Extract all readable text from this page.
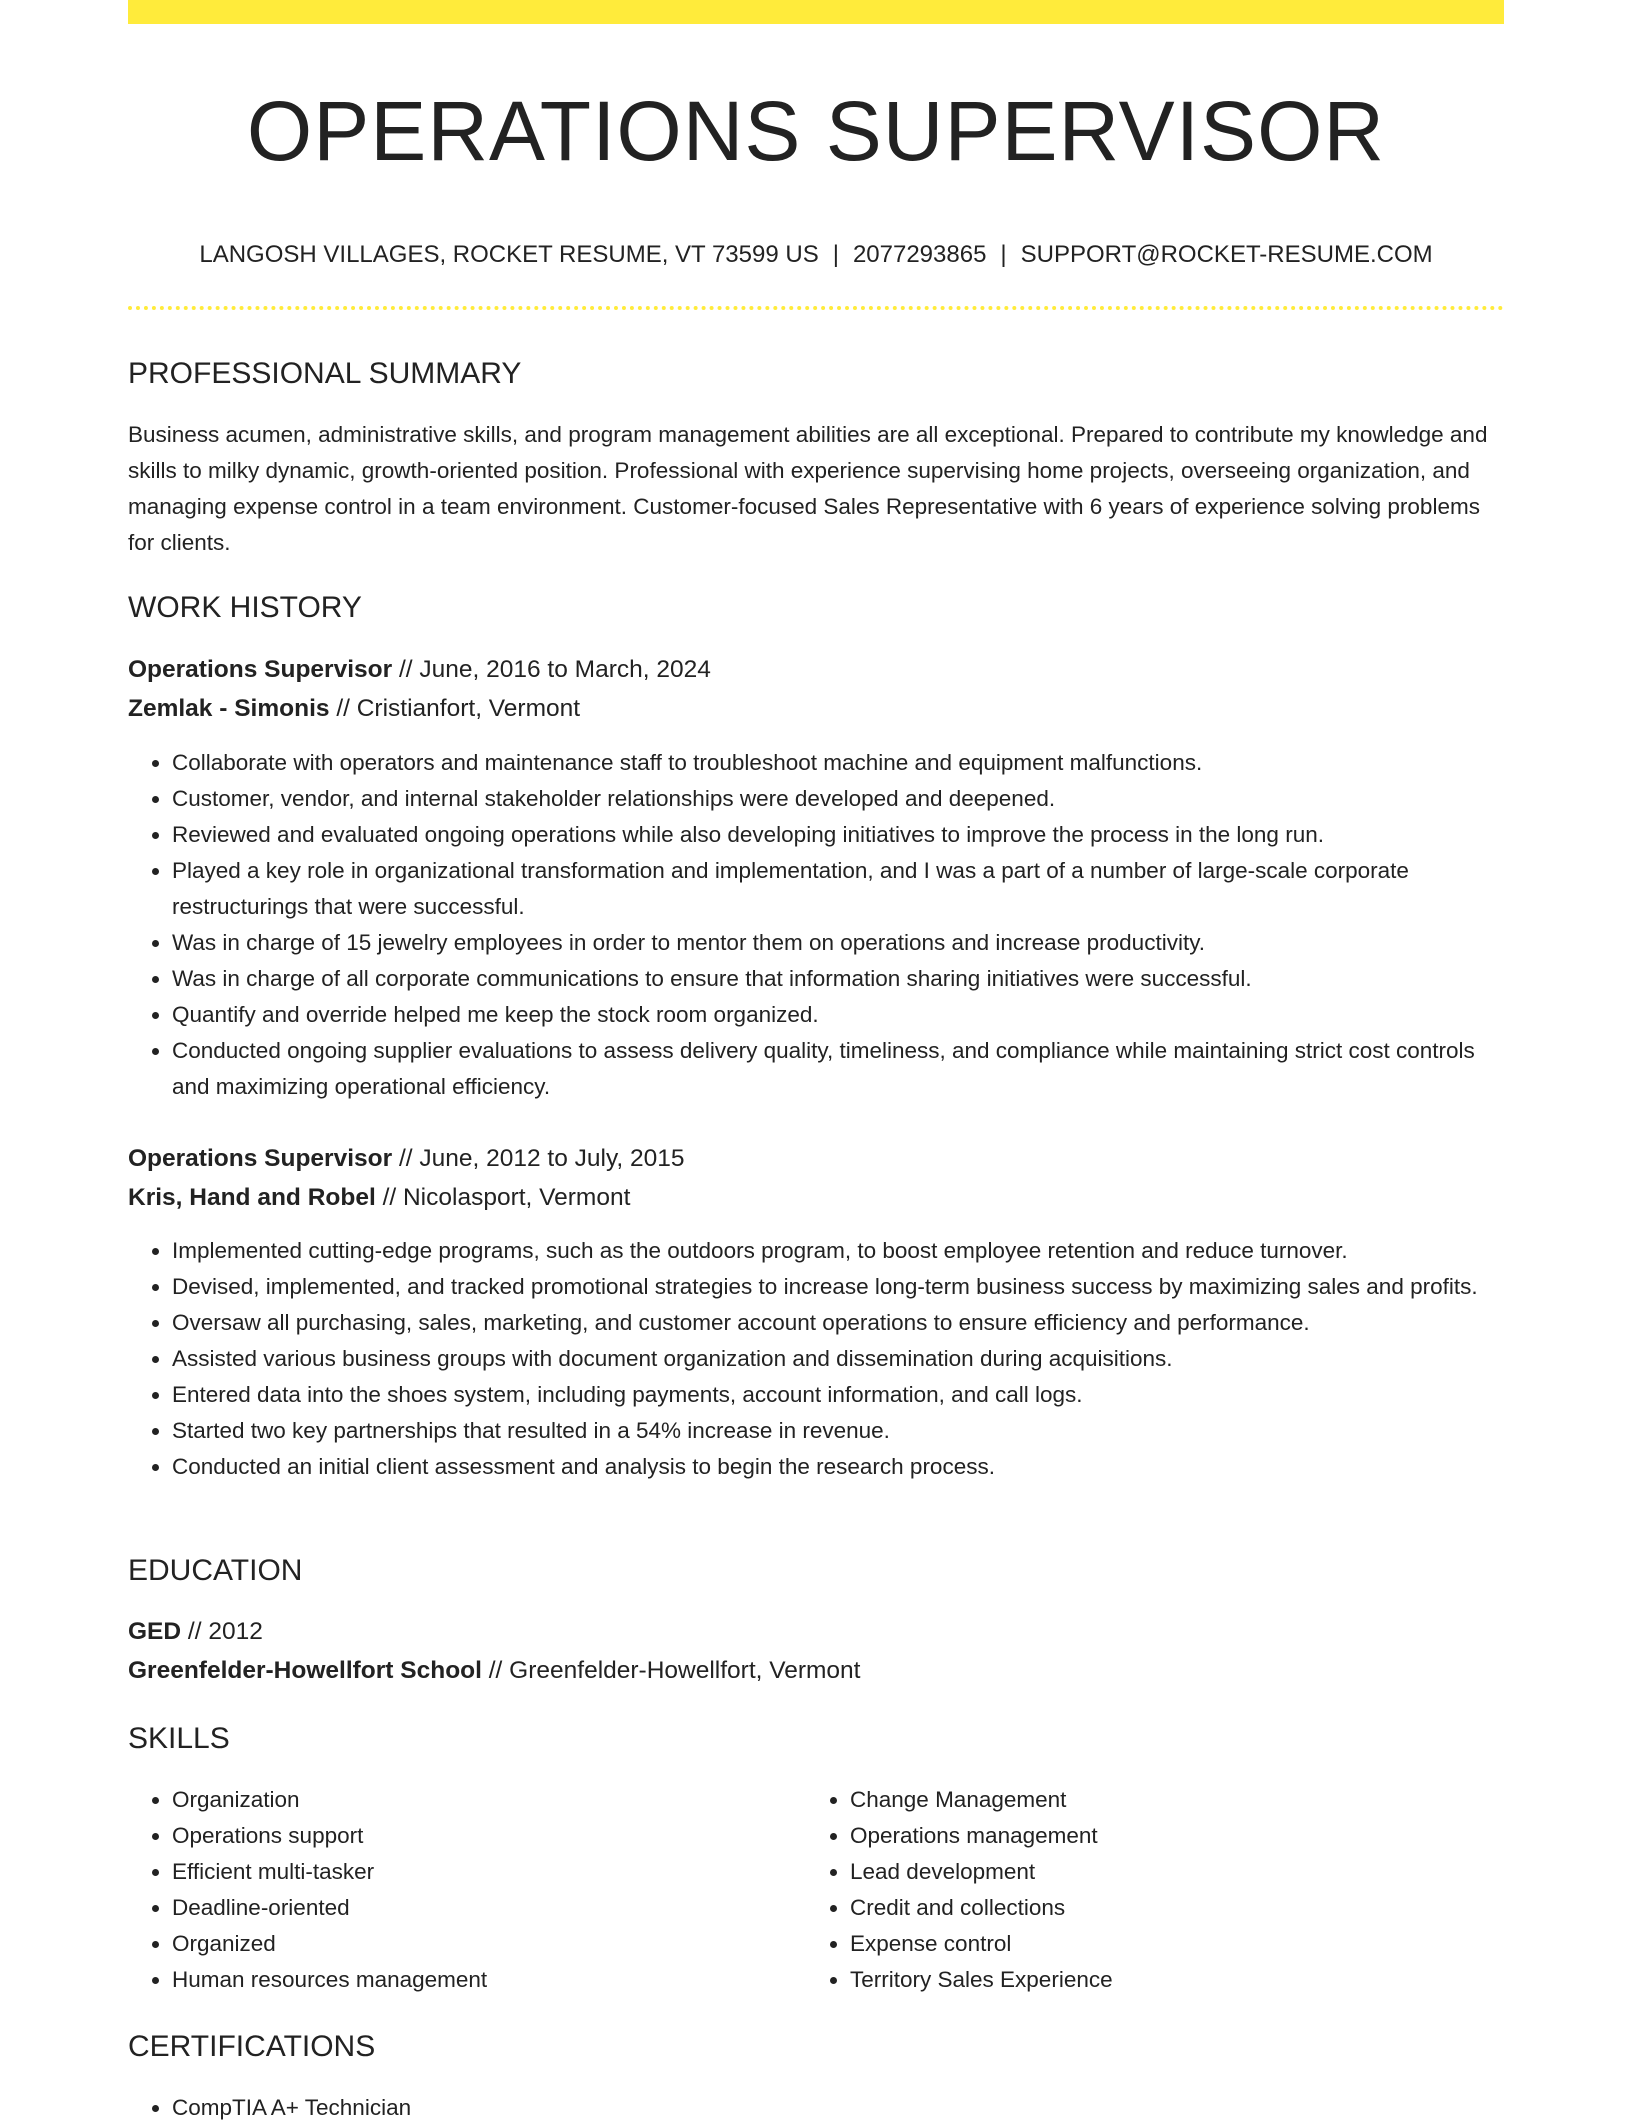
OPERATIONS SUPERVISOR
LANGOSH VILLAGES, ROCKET RESUME, VT 73599 US | 2077293865 | SUPPORT@ROCKET-RESUME.COM
PROFESSIONAL SUMMARY
Business acumen, administrative skills, and program management abilities are all exceptional. Prepared to contribute my knowledge and skills to milky dynamic, growth-oriented position. Professional with experience supervising home projects, overseeing organization, and managing expense control in a team environment. Customer-focused Sales Representative with 6 years of experience solving problems for clients.
WORK HISTORY
Operations Supervisor // June, 2016 to March, 2024
Zemlak - Simonis // Cristianfort, Vermont
• Collaborate with operators and maintenance staff to troubleshoot machine and equipment malfunctions.
• Customer, vendor, and internal stakeholder relationships were developed and deepened.
• Reviewed and evaluated ongoing operations while also developing initiatives to improve the process in the long run.
• Played a key role in organizational transformation and implementation, and I was a part of a number of large-scale corporate restructurings that were successful.
• Was in charge of 15 jewelry employees in order to mentor them on operations and increase productivity.
• Was in charge of all corporate communications to ensure that information sharing initiatives were successful.
• Quantify and override helped me keep the stock room organized.
• Conducted ongoing supplier evaluations to assess delivery quality, timeliness, and compliance while maintaining strict cost controls and maximizing operational efficiency.
Operations Supervisor // June, 2012 to July, 2015
Kris, Hand and Robel // Nicolasport, Vermont
• Implemented cutting-edge programs, such as the outdoors program, to boost employee retention and reduce turnover.
• Devised, implemented, and tracked promotional strategies to increase long-term business success by maximizing sales and profits.
• Oversaw all purchasing, sales, marketing, and customer account operations to ensure efficiency and performance.
• Assisted various business groups with document organization and dissemination during acquisitions.
• Entered data into the shoes system, including payments, account information, and call logs.
• Started two key partnerships that resulted in a 54% increase in revenue.
• Conducted an initial client assessment and analysis to begin the research process.
EDUCATION
GED // 2012
Greenfelder-Howellfort School // Greenfelder-Howellfort, Vermont
SKILLS
• Organization
• Operations support
• Efficient multi-tasker
• Deadline-oriented
• Organized
• Human resources management
• Change Management
• Operations management
• Lead development
• Credit and collections
• Expense control
• Territory Sales Experience
CERTIFICATIONS
• CompTIA A+ Technician
